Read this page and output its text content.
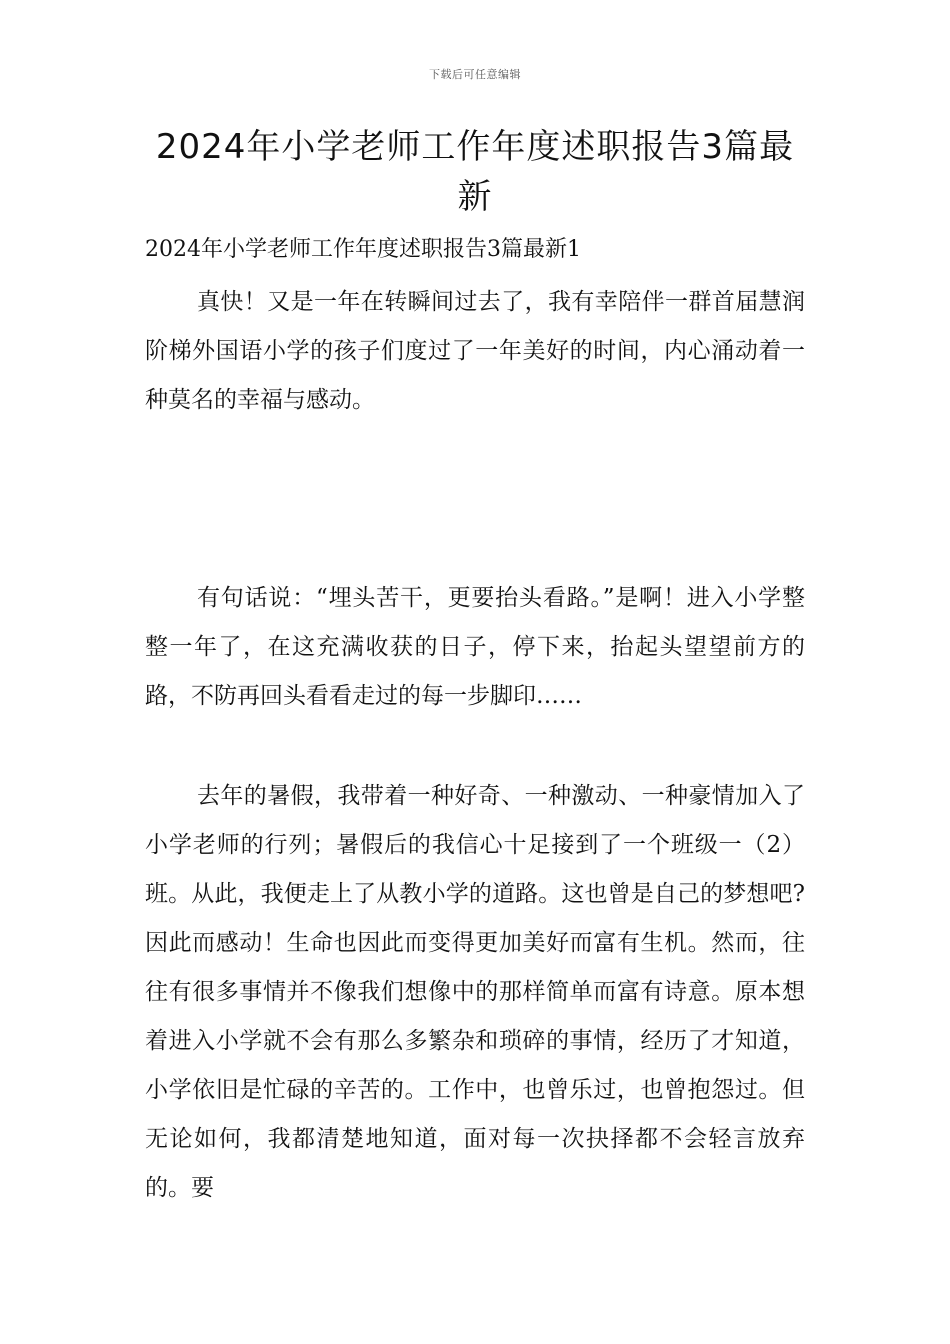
下载后可任意编辑
2024年小学老师工作年度述职报告3篇最新

2024年小学老师工作年度述职报告3篇最新1

真快！又是一年在转瞬间过去了，我有幸陪伴一群首届慧润阶梯外国语小学的孩子们度过了一年美好的时间，内心涌动着一种莫名的幸福与感动。

有句话说：“埋头苦干，更要抬头看路。”是啊！进入小学整整一年了，在这充满收获的日子，停下来，抬起头望望前方的路，不防再回头看看走过的每一步脚印……

去年的暑假，我带着一种好奇、一种激动、一种豪情加入了小学老师的行列；暑假后的我信心十足接到了一个班级一（2）班。从此，我便走上了从教小学的道路。这也曾是自己的梦想吧?因此而感动！生命也因此而变得更加美好而富有生机。然而，往往有很多事情并不像我们想像中的那样简单而富有诗意。原本想着进入小学就不会有那么多繁杂和琐碎的事情，经历了才知道，小学依旧是忙碌的辛苦的。工作中，也曾乐过，也曾抱怨过。但无论如何，我都清楚地知道，面对每一次抉择都不会轻言放弃的。要
